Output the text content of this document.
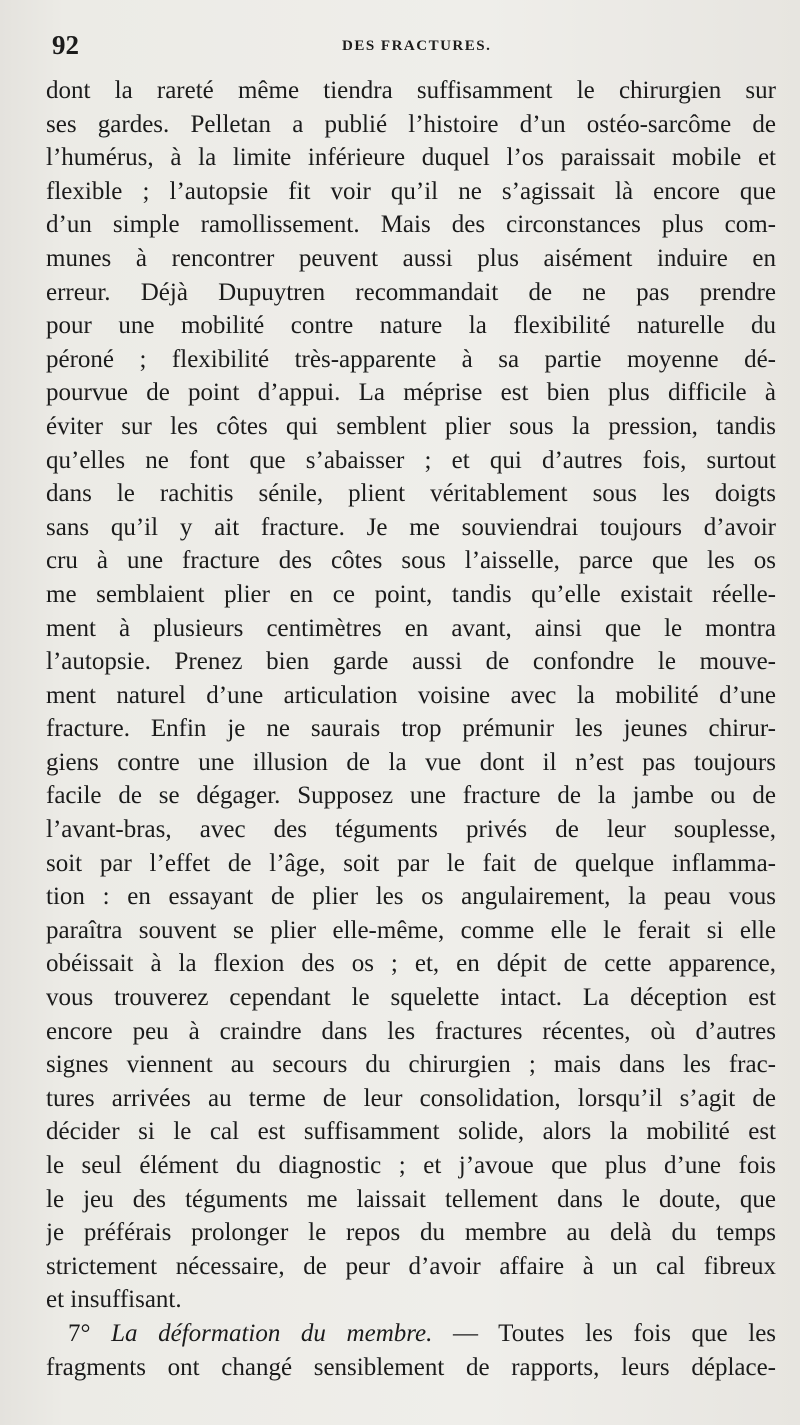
92	DES FRACTURES.
dont la rareté même tiendra suffisamment le chirurgien sur
ses gardes. Pelletan a publié l’histoire d’un ostéo-sarcôme de
l’humérus, à la limite inférieure duquel l’os paraissait mobile et
flexible ; l’autopsie fit voir qu’il ne s’agissait là encore que
d’un simple ramollissement. Mais des circonstances plus com-
munes à rencontrer peuvent aussi plus aisément induire en
erreur. Déjà Dupuytren recommandait de ne pas prendre
pour une mobilité contre nature la flexibilité naturelle du
péroné ; flexibilité très-apparente à sa partie moyenne dé-
pourvue de point d’appui. La méprise est bien plus difficile à
éviter sur les côtes qui semblent plier sous la pression, tandis
qu’elles ne font que s’abaisser ; et qui d’autres fois, surtout
dans le rachitis sénile, plient véritablement sous les doigts
sans qu’il y ait fracture. Je me souviendrai toujours d’avoir
cru à une fracture des côtes sous l’aisselle, parce que les os
me semblaient plier en ce point, tandis qu’elle existait réelle-
ment à plusieurs centimètres en avant, ainsi que le montra
l’autopsie. Prenez bien garde aussi de confondre le mouve-
ment naturel d’une articulation voisine avec la mobilité d’une
fracture. Enfin je ne saurais trop prémunir les jeunes chirur-
giens contre une illusion de la vue dont il n’est pas toujours
facile de se dégager. Supposez une fracture de la jambe ou de
l’avant-bras, avec des téguments privés de leur souplesse,
soit par l’effet de l’âge, soit par le fait de quelque inflamma-
tion : en essayant de plier les os angulairement, la peau vous
paraîtra souvent se plier elle-même, comme elle le ferait si elle
obéissait à la flexion des os ; et, en dépit de cette apparence,
vous trouverez cependant le squelette intact. La déception est
encore peu à craindre dans les fractures récentes, où d’autres
signes viennent au secours du chirurgien ; mais dans les frac-
tures arrivées au terme de leur consolidation, lorsqu’il s’agit de
décider si le cal est suffisamment solide, alors la mobilité est
le seul élément du diagnostic ; et j’avoue que plus d’une fois
le jeu des téguments me laissait tellement dans le doute, que
je préférais prolonger le repos du membre au delà du temps
strictement nécessaire, de peur d’avoir affaire à un cal fibreux
et insuffisant.
7° La déformation du membre. — Toutes les fois que les
fragments ont changé sensiblement de rapports, leurs déplace-
